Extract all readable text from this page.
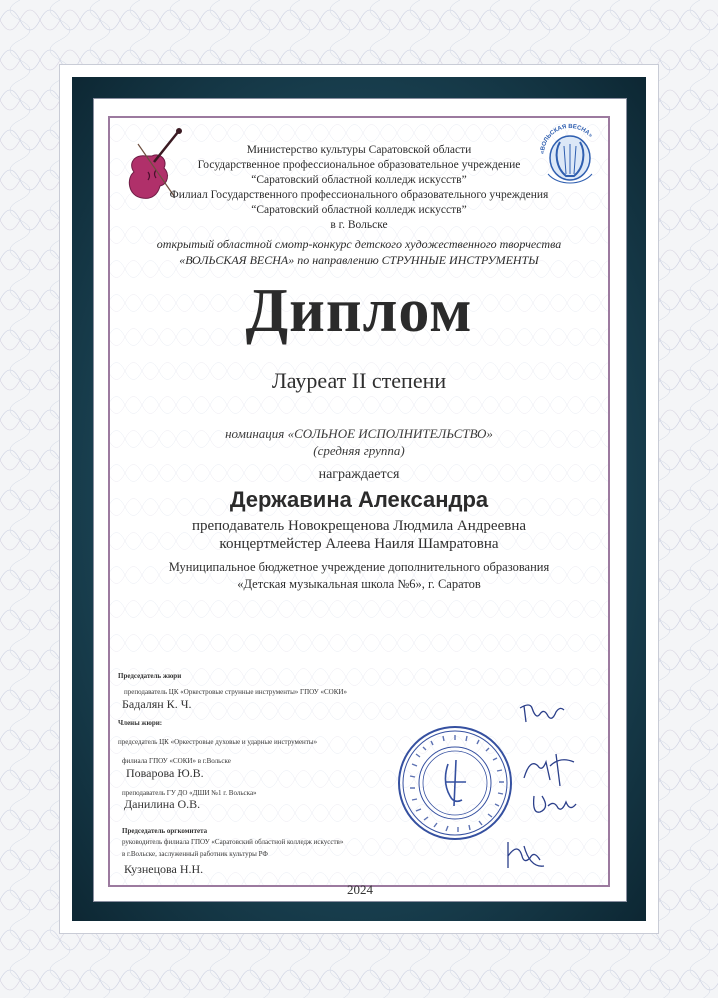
«ВОЛЬСКАЯ ВЕСНА»

Министерство культуры Саратовской области

Государственное профессиональное образовательное учреждение

“Саратовский областной колледж искусств”

Филиал Государственного профессионального образовательного учреждения

“Саратовский областной колледж искусств”

в г. Вольске

открытый областной смотр-конкурс детского художественного творчества

«ВОЛЬСКАЯ ВЕСНА» по направлению СТРУННЫЕ ИНСТРУМЕНТЫ

Диплом

Лауреат II степени

номинация «СОЛЬНОЕ ИСПОЛНИТЕЛЬСТВО»

(средняя группа)

награждается

Державина Александра

преподаватель Новокрещенова Людмила Андреевна

концертмейстер Алеева Наиля Шамратовна

Муниципальное бюджетное учреждение дополнительного образования

«Детская музыкальная школа №6», г. Саратов

Председатель жюри
преподаватель ЦК «Оркестровые струнные инструменты» ГПОУ «СОКИ»
Бадалян К. Ч.
Члены жюри:
председатель ЦК «Оркестровые духовые и ударные инструменты»
филиала ГПОУ «СОКИ» в г.Вольске
Поварова Ю.В.
преподаватель ГУ ДО «ДШИ №1 г. Вольска»
Данилина О.В.
Председатель оргкомитета
руководитель филиала ГПОУ «Саратовский областной колледж искусств»
в г.Вольске, заслуженный работник культуры РФ
Кузнецова Н.Н.
2024
